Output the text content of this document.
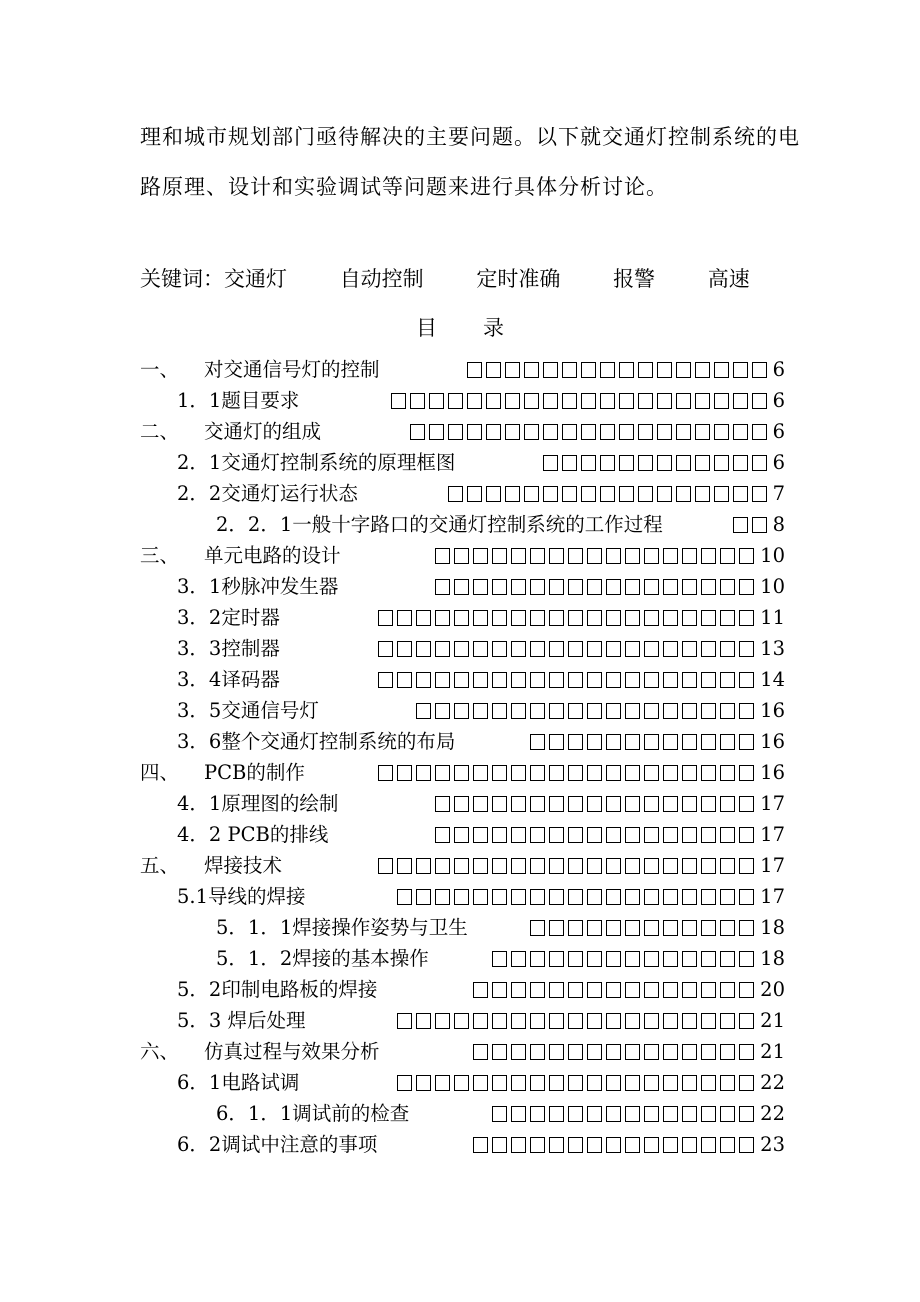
理和城市规划部门亟待解决的主要问题。以下就交通灯控制系统的电
路原理、设计和实验调试等问题来进行具体分析讨论。
关键词：交通灯	自动控制	定时准确	报警	高速
目 录
一、 对交通信号灯的控制	6
1．1题目要求	6
二、 交通灯的组成	6
2．1交通灯控制系统的原理框图	6
2．2交通灯运行状态	7
2．2．1一般十字路口的交通灯控制系统的工作过程	8
三、 单元电路的设计	10
3．1秒脉冲发生器	10
3．2定时器	11
3．3控制器	13
3．4译码器	14
3．5交通信号灯	16
3．6整个交通灯控制系统的布局	16
四、 PCB的制作	16
4．1原理图的绘制	17
4．2 PCB的排线	17
五、 焊接技术	17
5.1导线的焊接	17
5．1．1焊接操作姿势与卫生	18
5．1．2焊接的基本操作	18
5．2印制电路板的焊接	20
5．3 焊后处理	21
六、 仿真过程与效果分析	21
6．1电路试调	22
6．1．1调试前的检查	22
6．2调试中注意的事项	23
